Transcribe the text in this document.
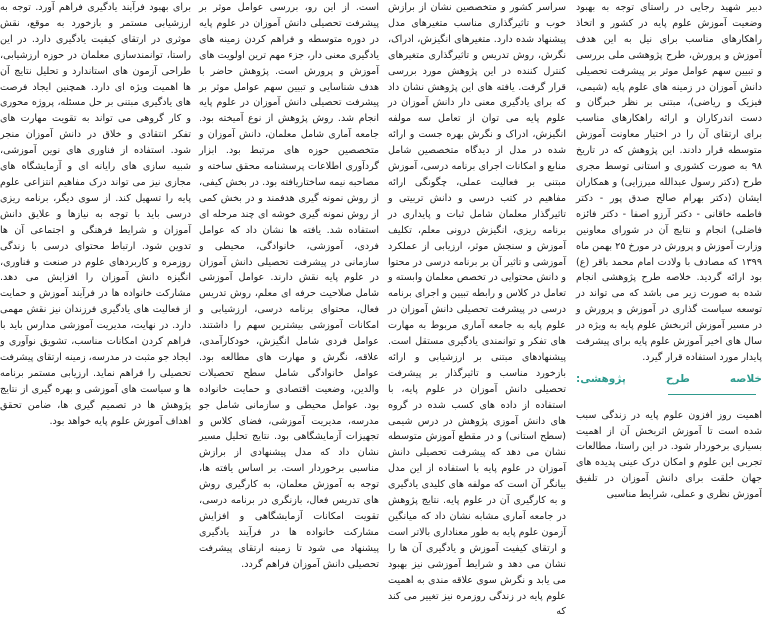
دبیر شهید رجایی در راستای توجه به بهبود وضعیت آموزش علوم پایه در کشور و اتخاذ راهکارهای مناسب برای نیل به این هدف آموزش و پرورش، طرح پژوهشی ملی بررسی و تبیین سهم عوامل موثر بر پیشرفت تحصیلی دانش آموزان در زمینه های علوم پایه (شیمی، فیزیک و ریاضی)، مبتنی بر نظر خبرگان و دست اندرکاران و ارائه راهکارهای مناسب برای ارتقای آن را در اختیار معاونت آموزش متوسطه قرار دادند. این پژوهش که در تاریخ ۹۸ به صورت کشوری و استانی توسط مجری طرح (دکتر رسول عبدالله میرزایی) و همکاران ایشان (دکتر بهرام صالح صدق پور - دکتر فاطمه خاقانی - دکتر آرزو اصفا - دکتر فائزه فاضلی) انجام و نتایج آن در شورای معاونین وزارت آموزش و پرورش در مورخ ۲۵ بهمن ماه ۱۳۹۹ که مصادف با ولادت امام محمد باقر (ع) بود ارائه گردید. خلاصه طرح پژوهشی انجام شده به صورت زیر می باشد که می تواند در توسعه سیاست گذاری در آموزش و پرورش و در مسیر آموزش اثربخش علوم پایه به ویژه در سال های اخیر آموزش علوم پایه برای پیشرفت پایدار مورد استفاده قرار گیرد.

خلاصه طرح پژوهشی:

اهمیت روز افزون علوم پایه در زندگی سبب شده است تا آموزش اثربخش آن از اهمیت بسیاری برخوردار شود. در این راستا، مطالعات تجربی این علوم و امکان درک عینی پدیده های جهان خلقت برای دانش آموزان در تلفیق آموزش نظری و عملی، شرایط مناسبی

سراسر کشور و متخصصین نشان از برازش خوب و تاثیرگذاری مناسب متغیرهای مدل پیشنهاد شده دارد. متغیرهای انگیزش، ادراک، نگرش، روش تدریس و تاثیرگذاری متغیرهای کنترل کننده در این پژوهش مورد بررسی قرار گرفت. یافته های این پژوهش نشان داد که برای یادگیری معنی دار دانش آموزان در علوم پایه می توان از تعامل سه مولفه انگیزش، ادراک و نگرش بهره جست و ارائه شده در مدل از دیدگاه متخصصین شامل منابع و امکانات اجرای برنامه درسی، آموزش مبتنی بر فعالیت عملی، چگونگی ارائه مفاهیم در کتب درسی و دانش تربیتی و تاثیرگذار معلمان شامل ثبات و پایداری در برنامه ریزی، انگیزش درونی معلم، تکلیف آموزش و سنجش موثر، ارزیابی از عملکرد آموزشی و تاثیر آن بر برنامه درسی در محتوا و دانش محتوایی در تخصص معلمان وابسته و تعامل در کلاس و رابطه تبیین و اجرای برنامه درسی در پیشرفت تحصیلی دانش آموزان در علوم پایه به جامعه آماری مربوط به مهارت های تفکر و توانمندی یادگیری مستقل است. پیشنهادهای مبتنی بر ارزشیابی و ارائه بازخورد مناسب و تاثیرگذار بر پیشرفت تحصیلی دانش آموزان در علوم پایه، با استفاده از داده های کسب شده در گروه های دانش آموزی پژوهش در درس شیمی (سطح استانی) و در مقطع آموزش متوسطه نشان می دهد که پیشرفت تحصیلی دانش آموزان در علوم پایه با استفاده از این مدل بیانگر آن است که مولفه های کلیدی یادگیری و به کارگیری آن در علوم پایه. نتایج پژوهش در جامعه آماری مشابه نشان داد که میانگین آزمون علوم پایه به طور معناداری بالاتر است و ارتقای کیفیت آموزش و یادگیری آن ها را نشان می دهد و شرایط آموزشی نیز بهبود می یابد و نگرش سوی علاقه مندی به اهمیت علوم پایه در زندگی روزمره نیز تغییر می کند که

است. از این رو، بررسی عوامل موثر بر پیشرفت تحصیلی دانش آموزان در علوم پایه در دوره متوسطه و فراهم کردن زمینه های یادگیری معنی دار، جزء مهم ترین اولویت های آموزش و پرورش است. پژوهش حاضر با هدف شناسایی و تبیین سهم عوامل موثر بر پیشرفت تحصیلی دانش آموزان در علوم پایه انجام شد. روش پژوهش از نوع آمیخته بود. جامعه آماری شامل معلمان، دانش آموزان و متخصصین حوزه های مرتبط بود. ابزار گردآوری اطلاعات پرسشنامه محقق ساخته و مصاحبه نیمه ساختاریافته بود. در بخش کیفی، از روش نمونه گیری هدفمند و در بخش کمی از روش نمونه گیری خوشه ای چند مرحله ای استفاده شد. یافته ها نشان داد که عوامل فردی، آموزشی، خانوادگی، محیطی و سازمانی در پیشرفت تحصیلی دانش آموزان در علوم پایه نقش دارند. عوامل آموزشی شامل صلاحیت حرفه ای معلم، روش تدریس فعال، محتوای برنامه درسی، ارزشیابی و امکانات آموزشی بیشترین سهم را داشتند. عوامل فردی شامل انگیزش، خودکارآمدی، علاقه، نگرش و مهارت های مطالعه بود. عوامل خانوادگی شامل سطح تحصیلات والدین، وضعیت اقتصادی و حمایت خانواده بود. عوامل محیطی و سازمانی شامل جو مدرسه، مدیریت آموزشی، فضای کلاس و تجهیزات آزمایشگاهی بود. نتایج تحلیل مسیر نشان داد که مدل پیشنهادی از برازش مناسبی برخوردار است. بر اساس یافته ها، توجه به آموزش معلمان، به کارگیری روش های تدریس فعال، بازنگری در برنامه درسی، تقویت امکانات آزمایشگاهی و افزایش مشارکت خانواده ها در فرآیند یادگیری پیشنهاد می شود تا زمینه ارتقای پیشرفت تحصیلی دانش آموزان فراهم گردد.

برای بهبود فرآیند یادگیری فراهم آورد. توجه به ارزشیابی مستمر و بازخورد به موقع، نقش موثری در ارتقای کیفیت یادگیری دارد. در این راستا، توانمندسازی معلمان در حوزه ارزشیابی، طراحی آزمون های استاندارد و تحلیل نتایج آن ها اهمیت ویژه ای دارد. همچنین ایجاد فرصت های یادگیری مبتنی بر حل مسئله، پروژه محوری و کار گروهی می تواند به تقویت مهارت های تفکر انتقادی و خلاق در دانش آموزان منجر شود. استفاده از فناوری های نوین آموزشی، شبیه سازی های رایانه ای و آزمایشگاه های مجازی نیز می تواند درک مفاهیم انتزاعی علوم پایه را تسهیل کند. از سوی دیگر، برنامه ریزی درسی باید با توجه به نیازها و علایق دانش آموزان و شرایط فرهنگی و اجتماعی آن ها تدوین شود. ارتباط محتوای درسی با زندگی روزمره و کاربردهای علوم در صنعت و فناوری، انگیزه دانش آموزان را افزایش می دهد. مشارکت خانواده ها در فرآیند آموزش و حمایت از فعالیت های یادگیری فرزندان نیز نقش مهمی دارد. در نهایت، مدیریت آموزشی مدارس باید با فراهم کردن امکانات مناسب، تشویق نوآوری و ایجاد جو مثبت در مدرسه، زمینه ارتقای پیشرفت تحصیلی را فراهم نماید. ارزیابی مستمر برنامه ها و سیاست های آموزشی و بهره گیری از نتایج پژوهش ها در تصمیم گیری ها، ضامن تحقق اهداف آموزش علوم پایه خواهد بود.
